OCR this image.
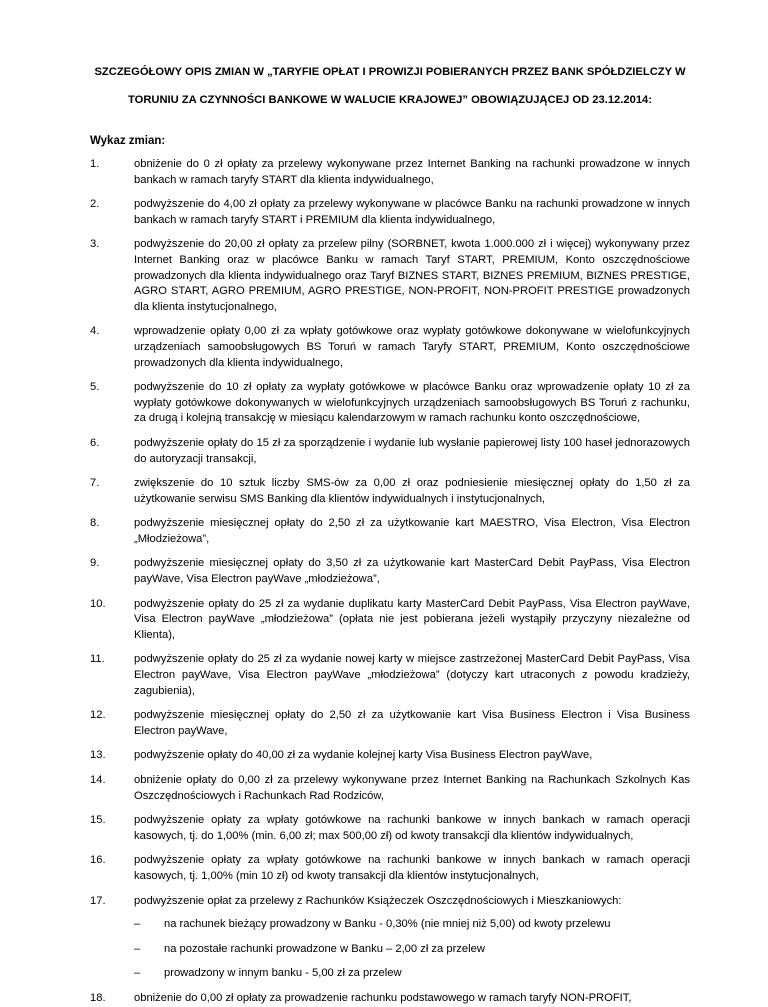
SZCZEGÓŁOWY OPIS ZMIAN W „TARYFIE OPŁAT I PROWIZJI POBIERANYCH PRZEZ BANK SPÓŁDZIELCZY W
TORUNIU ZA CZYNNOŚCI BANKOWE W WALUCIE KRAJOWEJ” OBOWIĄZUJĄCEJ OD 23.12.2014:
Wykaz zmian:
1.	obniżenie do 0 zł opłaty za przelewy wykonywane przez Internet Banking na rachunki prowadzone w innych bankach w ramach taryfy START dla klienta indywidualnego,
2.	podwyższenie do 4,00 zł opłaty za przelewy wykonywane w placówce Banku na rachunki prowadzone w innych bankach w ramach taryfy START i PREMIUM dla klienta indywidualnego,
3.	podwyższenie do 20,00 zł opłaty za przelew pilny (SORBNET, kwota 1.000.000 zł i więcej) wykonywany przez Internet Banking oraz w placówce Banku w ramach Taryf START, PREMIUM, Konto oszczędnościowe prowadzonych dla klienta indywidualnego oraz Taryf BIZNES START, BIZNES PREMIUM, BIZNES PRESTIGE, AGRO START, AGRO PREMIUM, AGRO PRESTIGE, NON-PROFIT, NON-PROFIT PRESTIGE prowadzonych dla klienta instytucjonalnego,
4.	wprowadzenie opłaty 0,00 zł za wpłaty gotówkowe oraz wypłaty gotówkowe dokonywane w wielofunkcyjnych urządzeniach samoobsługowych BS Toruń w ramach Taryfy START, PREMIUM, Konto oszczędnościowe prowadzonych dla klienta indywidualnego,
5.	podwyższenie do 10 zł opłaty za wypłaty gotówkowe w placówce Banku oraz wprowadzenie opłaty 10 zł za wypłaty gotówkowe dokonywanych w wielofunkcyjnych urządzeniach samoobsługowych BS Toruń z rachunku, za drugą i kolejną transakcję w miesiącu kalendarzowym w ramach rachunku konto oszczędnościowe,
6.	podwyższenie opłaty do 15 zł za sporządzenie i wydanie lub wysłanie papierowej listy 100 haseł jednorazowych do autoryzacji transakcji,
7.	zwiększenie do 10 sztuk liczby SMS-ów za 0,00 zł oraz podniesienie miesięcznej opłaty do 1,50 zł za użytkowanie serwisu SMS Banking dla klientów indywidualnych i instytucjonalnych,
8.	podwyższenie miesięcznej opłaty do 2,50 zł za użytkowanie kart MAESTRO, Visa Electron, Visa Electron „Młodzieżowa”,
9.	podwyższenie miesięcznej opłaty do 3,50 zł za użytkowanie kart MasterCard Debit PayPass, Visa Electron payWave, Visa Electron payWave „młodzieżowa”,
10.	podwyższenie opłaty do 25 zł za wydanie duplikatu karty MasterCard Debit PayPass, Visa Electron payWave, Visa Electron payWave „młodzieżowa” (opłata nie jest pobierana jeżeli wystąpiły przyczyny niezależne od Klienta),
11.	podwyższenie opłaty do 25 zł za wydanie nowej karty w miejsce zastrzeżonej MasterCard Debit PayPass, Visa Electron payWave, Visa Electron payWave „młodzieżowa” (dotyczy kart utraconych z powodu kradzieży, zagubienia),
12.	podwyższenie miesięcznej opłaty do 2,50 zł za użytkowanie kart Visa Business Electron i Visa Business Electron payWave,
13.	podwyższenie opłaty do 40,00 zł za wydanie kolejnej karty Visa Business Electron payWave,
14.	obniżenie opłaty do 0,00 zł za przelewy wykonywane przez Internet Banking na Rachunkach Szkolnych Kas Oszczędnościowych i Rachunkach Rad Rodziców,
15.	podwyższenie opłaty za wpłaty gotówkowe na rachunki bankowe w innych bankach w ramach operacji kasowych, tj. do 1,00% (min. 6,00 zł; max 500,00 zł) od kwoty transakcji dla klientów indywidualnych,
16.	podwyższenie opłaty za wpłaty gotówkowe na rachunki bankowe w innych bankach w ramach operacji kasowych, tj. 1,00% (min 10 zł) od kwoty transakcji dla klientów instytucjonalnych,
17.	podwyższenie opłat za przelewy z Rachunków Książeczek Oszczędnościowych i Mieszkaniowych:
– na rachunek bieżący prowadzony w Banku - 0,30% (nie mniej niż 5,00) od kwoty przelewu
– na pozostałe rachunki prowadzone w Banku – 2,00 zł za przelew
– prowadzony w innym banku - 5,00 zł za przelew
18.	obniżenie do 0,00 zł opłaty za prowadzenie rachunku podstawowego w ramach taryfy NON-PROFIT,
